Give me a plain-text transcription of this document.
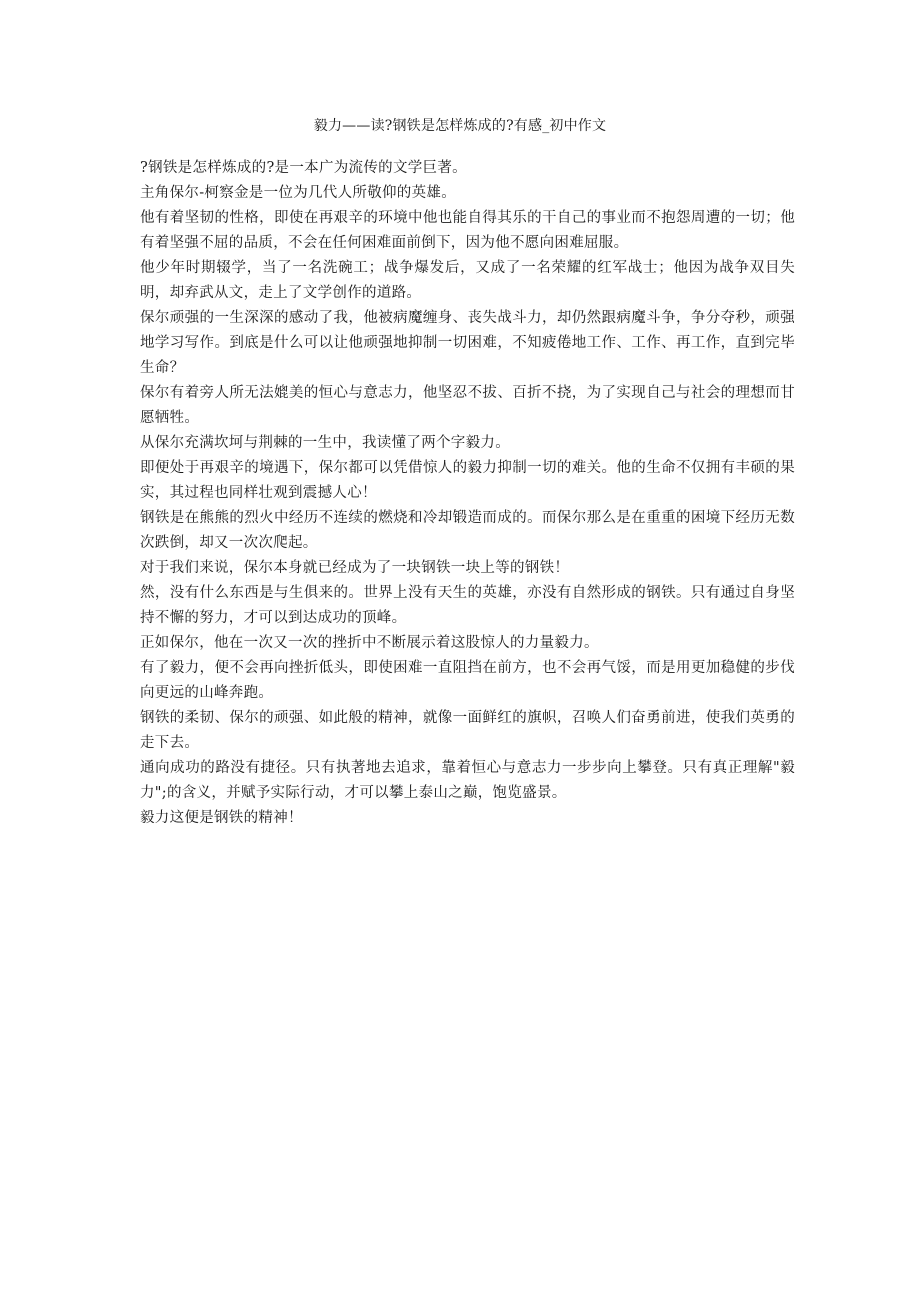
毅力——读?钢铁是怎样炼成的?有感_初中作文

?钢铁是怎样炼成的?是一本广为流传的文学巨著。

主角保尔-柯察金是一位为几代人所敬仰的英雄。

他有着坚韧的性格，即使在再艰辛的环境中他也能自得其乐的干自己的事业而不抱怨周遭的一切；他有着坚强不屈的品质，不会在任何困难面前倒下，因为他不愿向困难屈服。

他少年时期辍学，当了一名洗碗工；战争爆发后，又成了一名荣耀的红军战士；他因为战争双目失明，却弃武从文，走上了文学创作的道路。

保尔顽强的一生深深的感动了我，他被病魔缠身、丧失战斗力，却仍然跟病魔斗争，争分夺秒，顽强地学习写作。到底是什么可以让他顽强地抑制一切困难，不知疲倦地工作、工作、再工作，直到完毕生命？

保尔有着旁人所无法媲美的恒心与意志力，他坚忍不拔、百折不挠，为了实现自己与社会的理想而甘愿牺牲。

从保尔充满坎坷与荆棘的一生中，我读懂了两个字毅力。

即便处于再艰辛的境遇下，保尔都可以凭借惊人的毅力抑制一切的难关。他的生命不仅拥有丰硕的果实，其过程也同样壮观到震撼人心！

钢铁是在熊熊的烈火中经历不连续的燃烧和冷却锻造而成的。而保尔那么是在重重的困境下经历无数次跌倒，却又一次次爬起。

对于我们来说，保尔本身就已经成为了一块钢铁一块上等的钢铁！

然，没有什么东西是与生俱来的。世界上没有天生的英雄，亦没有自然形成的钢铁。只有通过自身坚持不懈的努力，才可以到达成功的顶峰。

正如保尔，他在一次又一次的挫折中不断展示着这股惊人的力量毅力。

有了毅力，便不会再向挫折低头，即使困难一直阻挡在前方，也不会再气馁，而是用更加稳健的步伐向更远的山峰奔跑。

钢铁的柔韧、保尔的顽强、如此般的精神，就像一面鲜红的旗帜，召唤人们奋勇前进，使我们英勇的走下去。

通向成功的路没有捷径。只有执著地去追求，靠着恒心与意志力一步步向上攀登。只有真正理解"毅力";的含义，并赋予实际行动，才可以攀上泰山之巅，饱览盛景。

毅力这便是钢铁的精神！
